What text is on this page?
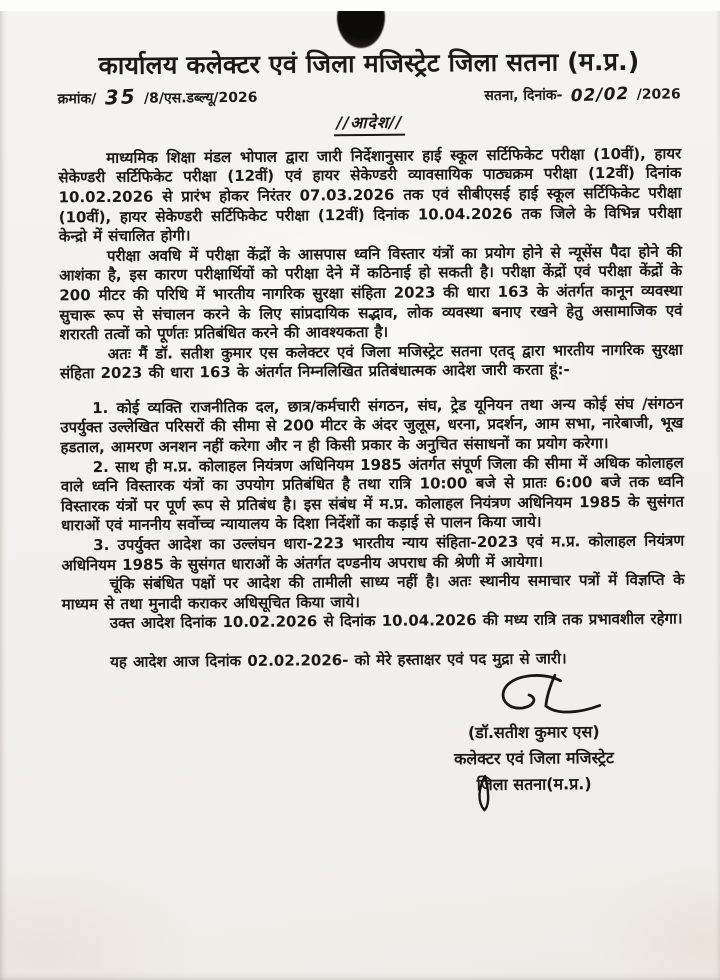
कार्यालय कलेक्टर एवं जिला मजिस्ट्रेट जिला सतना (म.प्र.)
क्रमांक/ 35 /8/एस.डब्ल्यू/2026	सतना, दिनांक- 02/02 /2026
//आदेश//

माध्यमिक शिक्षा मंडल भोपाल द्वारा जारी निर्देशानुसार हाई स्कूल सर्टिफिकेट परीक्षा (10वीं), हायर सेकेण्डरी सर्टिफिकेट परीक्षा (12वीं) एवं हायर सेकेण्डरी व्यावसायिक पाठ्यक्रम परीक्षा (12वीं) दिनांक 10.02.2026 से प्रारंभ होकर निरंतर 07.03.2026 तक एवं सीबीएसई हाई स्कूल सर्टिफिकेट परीक्षा (10वीं), हायर सेकेण्डरी सर्टिफिकेट परीक्षा (12वीं) दिनांक 10.04.2026 तक जिले के विभिन्न परीक्षा केन्द्रो में संचालित होगी।

परीक्षा अवधि में परीक्षा केंद्रों के आसपास ध्वनि विस्तार यंत्रों का प्रयोग होने से न्यूसेंस पैदा होने की आशंका है, इस कारण परीक्षार्थियों को परीक्षा देने में कठिनाई हो सकती है। परीक्षा केंद्रों एवं परीक्षा केंद्रों के 200 मीटर की परिधि में भारतीय नागरिक सुरक्षा संहिता 2023 की धारा 163 के अंतर्गत कानून व्यवस्था सुचारू रूप से संचालन करने के लिए सांप्रदायिक सद्भाव, लोक व्यवस्था बनाए रखने हेतु असामाजिक एवं शरारती तत्वों को पूर्णतः प्रतिबंधित करने की आवश्यकता है।

अतः मैं डॉ. सतीश कुमार एस कलेक्टर एवं जिला मजिस्ट्रेट सतना एतद् द्वारा भारतीय नागरिक सुरक्षा संहिता 2023 की धारा 163 के अंतर्गत निम्नलिखित प्रतिबंधात्मक आदेश जारी करता हूं:-

1. कोई व्यक्ति राजनीतिक दल, छात्र/कर्मचारी संगठन, संघ, ट्रेड यूनियन तथा अन्य कोई संघ /संगठन उपर्युक्त उल्लेखित परिसरों की सीमा से 200 मीटर के अंदर जुलूस, धरना, प्रदर्शन, आम सभा, नारेबाजी, भूख हडताल, आमरण अनशन नहीं करेगा और न ही किसी प्रकार के अनुचित संसाधनों का प्रयोग करेगा।

2. साथ ही म.प्र. कोलाहल नियंत्रण अधिनियम 1985 अंतर्गत संपूर्ण जिला की सीमा में अधिक कोलाहल वाले ध्वनि विस्तारक यंत्रों का उपयोग प्रतिबंधित है तथा रात्रि 10:00 बजे से प्रातः 6:00 बजे तक ध्वनि विस्तारक यंत्रों पर पूर्ण रूप से प्रतिबंध है। इस संबंध में म.प्र. कोलाहल नियंत्रण अधिनियम 1985 के सुसंगत धाराओं एवं माननीय सर्वोच्च न्यायालय के दिशा निर्देशों का कड़ाई से पालन किया जाये।

3. उपर्युक्त आदेश का उल्लंघन धारा-223 भारतीय न्याय संहिता-2023 एवं म.प्र. कोलाहल नियंत्रण अधिनियम 1985 के सुसंगत धाराओं के अंतर्गत दण्डनीय अपराध की श्रेणी में आयेगा।

चूंकि संबंधित पक्षों पर आदेश की तामीली साध्य नहीं है। अतः स्थानीय समाचार पत्रों में विज्ञप्ति के माध्यम से तथा मुनादी कराकर अधिसूचित किया जाये।

उक्त आदेश दिनांक 10.02.2026 से दिनांक 10.04.2026 की मध्य रात्रि तक प्रभावशील रहेगा।

यह आदेश आज दिनांक 02.02.2026- को मेरे हस्ताक्षर एवं पद मुद्रा से जारी।

(डॉ.सतीश कुमार एस)
कलेक्टर एवं जिला मजिस्ट्रेट
जिला सतना(म.प्र.)
